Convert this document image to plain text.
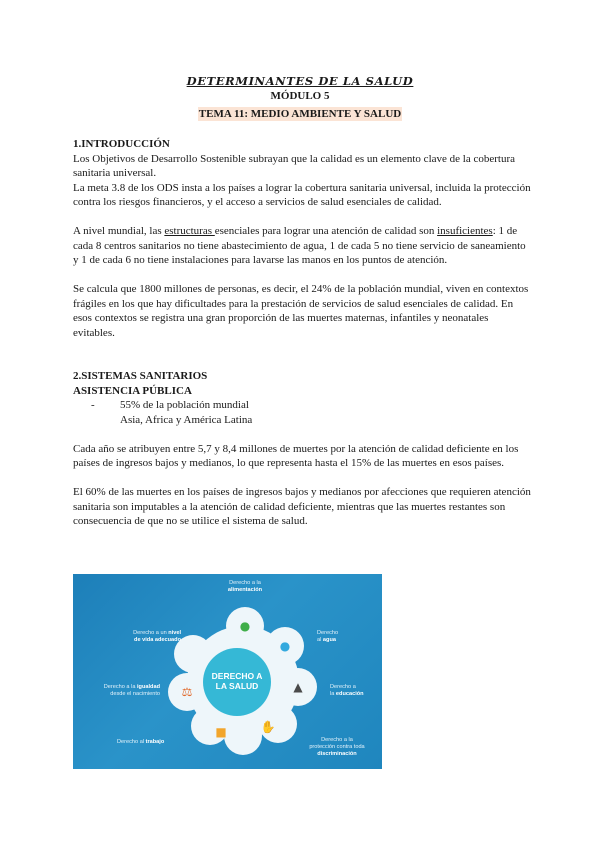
DETERMINANTES DE LA SALUD
MÓDULO 5
TEMA 11: MEDIO AMBIENTE Y SALUD

1.INTRODUCCIÓN

Los Objetivos de Desarrollo Sostenible subrayan que la calidad es un elemento clave de la cobertura sanitaria universal.

La meta 3.8 de los ODS insta a los países a lograr la cobertura sanitaria universal, incluida la protección contra los riesgos financieros, y el acceso a servicios de salud esenciales de calidad.

A nivel mundial, las estructuras esenciales para lograr una atención de calidad son insuficientes: 1 de cada 8 centros sanitarios no tiene abastecimiento de agua, 1 de cada 5 no tiene servicio de saneamiento y 1 de cada 6 no tiene instalaciones para lavarse las manos en los puntos de atención.

Se calcula que 1800 millones de personas, es decir, el 24% de la población mundial, viven en contextos frágiles en los que hay dificultades para la prestación de servicios de salud esenciales de calidad. En esos contextos se registra una gran proporción de las muertes maternas, infantiles y neonatales evitables.

2.SISTEMAS SANITARIOS

ASISTENCIA PÚBLICA

- 55% de la población mundial
Asia, Africa y América Latina

Cada año se atribuyen entre 5,7 y 8,4 millones de muertes por la atención de calidad deficiente en los países de ingresos bajos y medianos, lo que representa hasta el 15% de las muertes en esos países.

El 60% de las muertes en los países de ingresos bajos y medianos por afecciones que requieren atención sanitaria son imputables a la atención de calidad deficiente, mientras que las muertes restantes son consecuencia de que no se utilice el sistema de salud.

DERECHO A
LA SALUD
●
●
▲
✋
■
⚖
Derecho a la
alimentación
Derecho
al agua
Derecho a un nivel
de vida adecuado
Derecho a
la educación
Derecho a la igualdad
desde el nacimiento
Derecho al trabajo	Derecho a la
protección contra toda
discriminación
